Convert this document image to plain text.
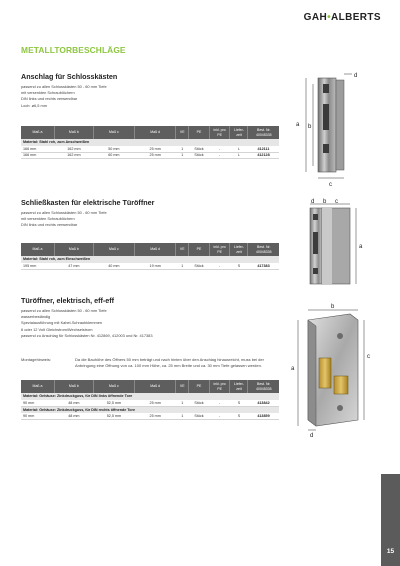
GAH•ALBERTS
METALLTORBESCHLÄGE
Anschlag für Schlosskästen
passend zu allen Schlosskästen 50 - 60 mm Tiefe
mit versenkten Schraublöchern
DIN links und rechts verwendbar
Loch: ø6,5 mm
Maß a	Maß b	Maß c	Maß d	VE	PE	inkl. pro PE	Liefer-zeit	Best. Nr. 40045335
Material: Stahl roh, zum Anschweißen								
166 mm	162 mm	50 mm	25 mm	1	Stück	-	L	412111
166 mm	162 mm	60 mm	25 mm	1	Stück	-	L	412128
a b
c
d
Schließkasten für elektrische Türöffner
passend zu allen Schlosskästen 50 - 60 mm Tiefe
mit versenkten Schraublöchern
DIN links und rechts verwendbar
Maß a	Maß b	Maß c	Maß d	VE	PE	inkl. pro PE	Liefer-zeit	Best. Nr. 40045335
Material: Stahl roh, zum Einschweißen								
195 mm	47 mm	40 mm	19 mm	1	Stück	-	S	417383
d b c
a
Türöffner, elektrisch, eff-eff
passend zu allen Schlosskästen 50 - 60 mm Tiefe
wasserbeständig
Spezialausführung mit Kabel-Schraubklemmen
6 oder 12 Volt Gleichstrom/Wechselstrom
passend zu Anschlag für Schlosskästen Nr. 412869, 412003 und Nr. 417383
Montagehinweis:	Da die Bauhöhe des Öffners 50 mm beträgt und nach hinten über den Anschlag hinausreicht, muss bei der Anbringung eine Öffnung von ca. 100 mm Höhe, ca. 25 mm Breite und ca. 30 mm Tiefe gelassen werden.
Maß a	Maß b	Maß c	Maß d	VE	PE	inkl. pro PE	Liefer-zeit	Best. Nr. 40045335
Material: Gehäuse: Zinkdruckguss, für DIN links öffnende Tore								
90 mm	48 mm	52,5 mm	25 mm	1	Stück	-	S	413842
Material: Gehäuse: Zinkdruckguss, für DIN rechts öffnende Tore								
90 mm	48 mm	52,5 mm	25 mm	1	Stück	-	S	413859
b
c
a
d
15
